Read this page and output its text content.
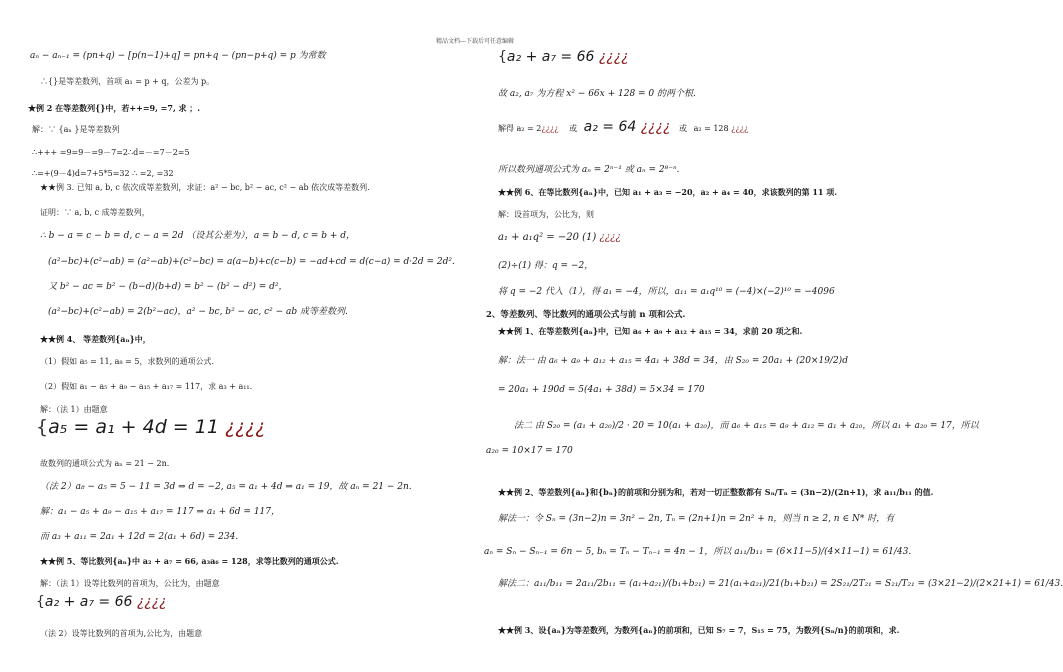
精品文档---下载后可任意编辑
aₙ − aₙ₋₁ = (pn+q) − [p(n−1)+q] = pn+q − (pn−p+q) = p 为常数
∴{}是等差数列，首项 a₁ = p + q，公差为 p。
★例 2 在等差数列{}中，若++=9, =7, 求 ；.
解：∵ {aₙ }是等差数列
∴+++ =9=9－=9－7=2∴d=－=7－2=5
∴=+(9－4)d=7+5*5=32 ∴ =2, =32
★★例 3. 已知 a, b, c 依次成等差数列，求证：a² − bc, b² − ac, c² − ab 依次成等差数列.
证明：∵ a, b, c 成等差数列，
∴ b − a = c − b = d, c − a = 2d （设其公差为），a = b − d, c = b + d，
(a²−bc)+(c²−ab) = (a²−ab)+(c²−bc) = a(a−b)+c(c−b) = −ad+cd = d(c−a) = d·2d = 2d².
又 b² − ac = b² − (b−d)(b+d) = b² − (b² − d²) = d²，
(a²−bc)+(c²−ab) = 2(b²−ac)，a² − bc, b² − ac, c² − ab 成等差数列.
★★例 4、 等差数列{aₙ}中，
（1）假如 a₅ = 11, a₈ = 5，求数列的通项公式.
（2）假如 a₁ − a₅ + a₉ − a₁₅ + a₁₇ = 117，求 a₃ + a₁₁.
解：（法 1）由题意
{a₅ = a₁ + 4d = 11 ¿¿¿¿
故数列的通项公式为 aₙ = 21 − 2n.
（法 2）a₈ − a₅ = 5 − 11 = 3d ⇒ d = −2, a₅ = a₁ + 4d ⇒ a₁ = 19，故 aₙ = 21 − 2n.
解：a₁ − a₅ + a₉ − a₁₅ + a₁₇ = 117 ⇒ a₁ + 6d = 117，
而 a₃ + a₁₁ = 2a₁ + 12d = 2(a₁ + 6d) = 234.
★★例 5、等比数列{aₙ}中 a₂ + a₇ = 66, a₃a₆ = 128，求等比数列的通项公式.
解：（法 1）设等比数列的首项为，公比为，由题意
{a₂ + a₇ = 66 ¿¿¿¿
（法 2）设等比数列的首项为,公比为，由题意
{a₂ + a₇ = 66 ¿¿¿¿
故 a₂, a₇ 为方程 x² − 66x + 128 = 0 的两个根.
解得 a₂ = 2¿¿¿¿ 或 a₂ = 64 ¿¿¿¿ 或 a₂ = 128 ¿¿¿¿
所以数列通项公式为 aₙ = 2ⁿ⁻¹ 或 aₙ = 2⁸⁻ⁿ.
★★例 6、在等比数列{aₙ}中，已知 a₁ + a₃ = −20，a₂ + a₄ = 40，求该数列的第 11 项.
解：设首项为，公比为，则
a₁ + a₁q² = −20 (1) ¿¿¿¿
(2)÷(1) 得：q = −2，
将 q = −2 代入（1），得 a₁ = −4，所以，a₁₁ = a₁q¹⁰ = (−4)×(−2)¹⁰ = −4096
2、等差数列、等比数列的通项公式与前 n 项和公式.
★★例 1、在等差数列{aₙ}中，已知 a₆ + a₉ + a₁₂ + a₁₅ = 34，求前 20 项之和.
解：法一 由 a₆ + a₉ + a₁₂ + a₁₅ = 4a₁ + 38d = 34，由 S₂₀ = 20a₁ + (20×19/2)d
= 20a₁ + 190d = 5(4a₁ + 38d) = 5×34 = 170
法二 由 S₂₀ = (a₁ + a₂₀)/2 · 20 = 10(a₁ + a₂₀)，而 a₆ + a₁₅ = a₉ + a₁₂ = a₁ + a₂₀，所以 a₁ + a₂₀ = 17，所以
a₂₀ = 10×17 = 170
★★例 2、等差数列{aₙ}和{bₙ}的前项和分别为和，若对一切正整数都有 Sₙ/Tₙ = (3n−2)/(2n+1)，求 a₁₁/b₁₁ 的值.
解法一：令 Sₙ = (3n−2)n = 3n² − 2n, Tₙ = (2n+1)n = 2n² + n，则当 n ≥ 2, n ∈ N* 时，有
aₙ = Sₙ − Sₙ₋₁ = 6n − 5, bₙ = Tₙ − Tₙ₋₁ = 4n − 1，所以 a₁₁/b₁₁ = (6×11−5)/(4×11−1) = 61/43.
解法二：a₁₁/b₁₁ = 2a₁₁/2b₁₁ = (a₁+a₂₁)/(b₁+b₂₁) = 21(a₁+a₂₁)/21(b₁+b₂₁) = 2S₂₁/2T₂₁ = S₂₁/T₂₁ = (3×21−2)/(2×21+1) = 61/43.
★★例 3、设{aₙ}为等差数列，为数列{aₙ}的前项和，已知 S₇ = 7，S₁₅ = 75，为数列{Sₙ/n}的前项和，求.
